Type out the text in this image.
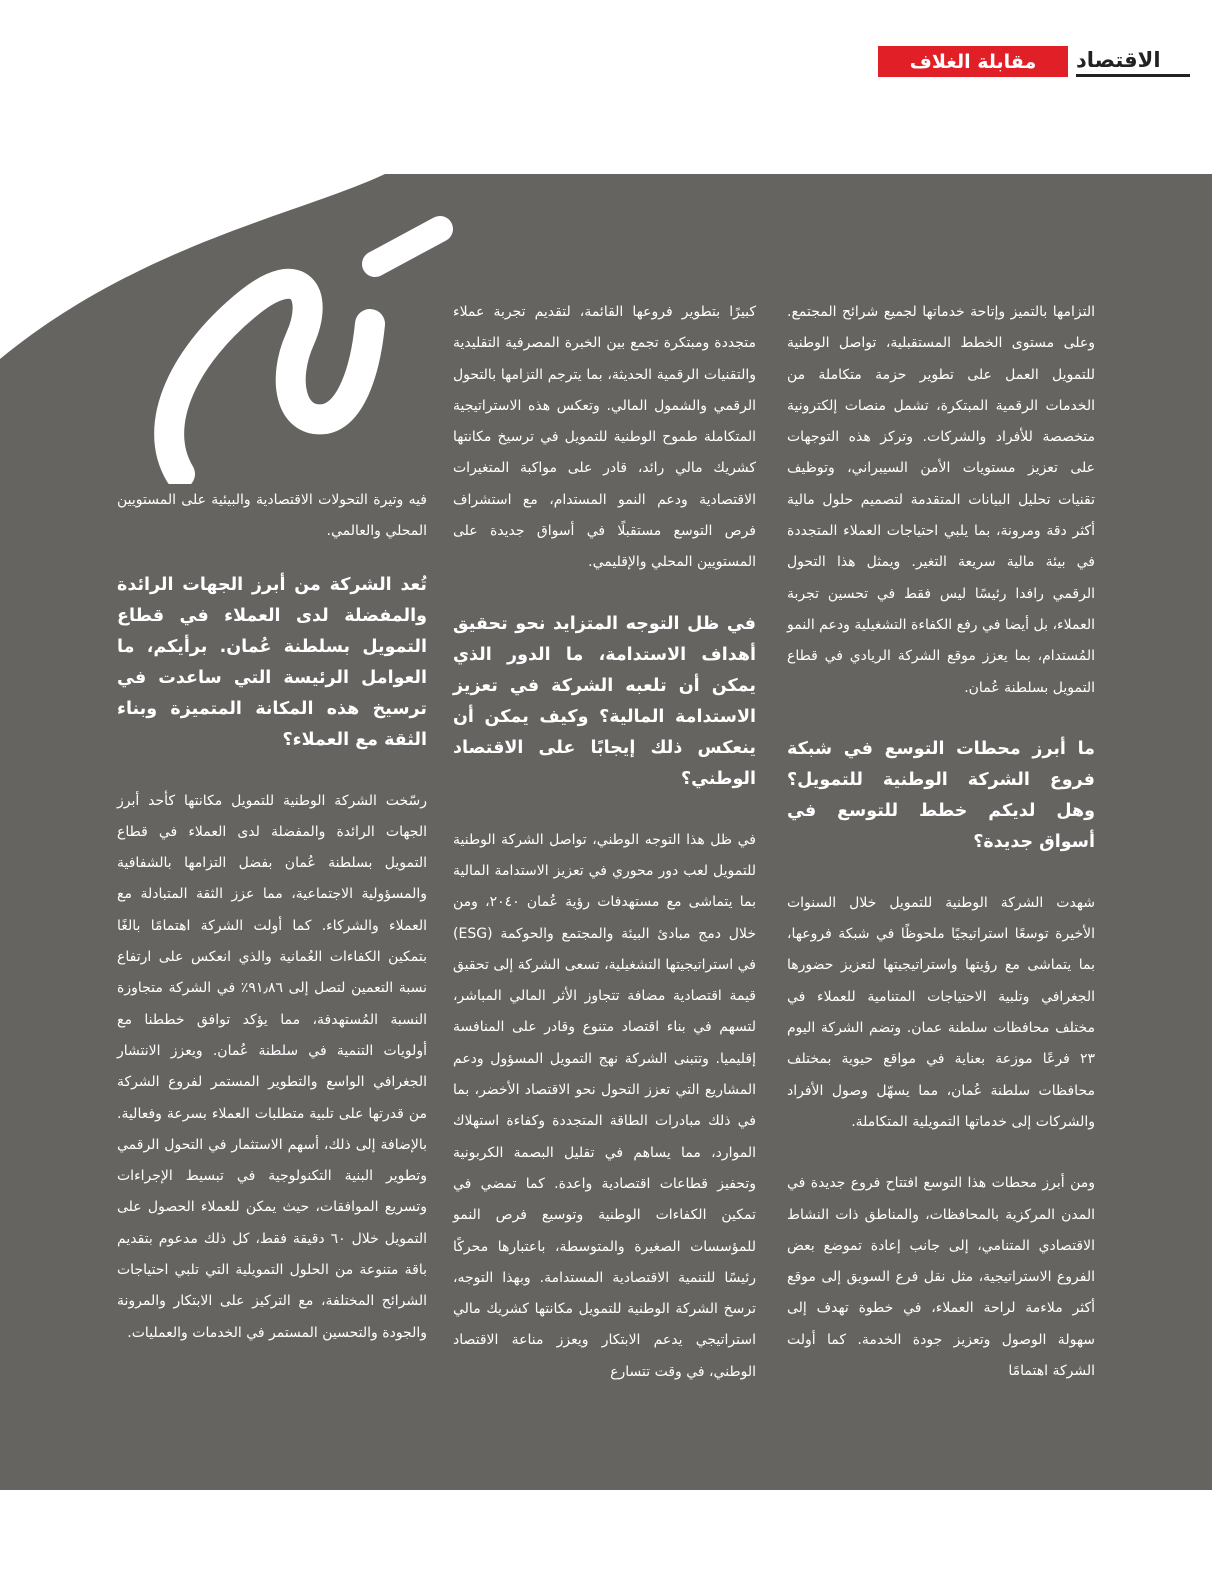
مقابلة الغلاف	الاقتصاد

التزامها بالتميز وإتاحة خدماتها لجميع شرائح المجتمع. وعلى مستوى الخطط المستقبلية، تواصل الوطنية للتمويل العمل على تطوير حزمة متكاملة من الخدمات الرقمية المبتكرة، تشمل منصات إلكترونية متخصصة للأفراد والشركات. وتركز هذه التوجهات على تعزيز مستويات الأمن السيبراني، وتوظيف تقنيات تحليل البيانات المتقدمة لتصميم حلول مالية أكثر دقة ومرونة، بما يلبي احتياجات العملاء المتجددة في بيئة مالية سريعة التغير. ويمثل هذا التحول الرقمي رافدا رئيسًا ليس فقط في تحسين تجربة العملاء، بل أيضا في رفع الكفاءة التشغيلية ودعم النمو المُستدام، بما يعزز موقع الشركة الريادي في قطاع التمويل بسلطنة عُمان.

ما أبرز محطات التوسع في شبكة فروع الشركة الوطنية للتمويل؟ وهل لديكم خطط للتوسع في أسواق جديدة؟

شهدت الشركة الوطنية للتمويل خلال السنوات الأخيرة توسعًا استراتيجيًا ملحوظًا في شبكة فروعها، بما يتماشى مع رؤيتها واستراتيجيتها لتعزيز حضورها الجغرافي وتلبية الاحتياجات المتنامية للعملاء في مختلف محافظات سلطنة عمان. وتضم الشركة اليوم ٢٣ فرعًا موزعة بعناية في مواقع حيوية بمختلف محافظات سلطنة عُمان، مما يسهّل وصول الأفراد والشركات إلى خدماتها التمويلية المتكاملة.

ومن أبرز محطات هذا التوسع افتتاح فروع جديدة في المدن المركزية بالمحافظات، والمناطق ذات النشاط الاقتصادي المتنامي، إلى جانب إعادة تموضع بعض الفروع الاستراتيجية، مثل نقل فرع السويق إلى موقع أكثر ملاءمة لراحة العملاء، في خطوة تهدف إلى سهولة الوصول وتعزيز جودة الخدمة. كما أولت الشركة اهتمامًا

كبيرًا بتطوير فروعها القائمة، لتقديم تجربة عملاء متجددة ومبتكرة تجمع بين الخبرة المصرفية التقليدية والتقنيات الرقمية الحديثة، بما يترجم التزامها بالتحول الرقمي والشمول المالي. وتعكس هذه الاستراتيجية المتكاملة طموح الوطنية للتمويل في ترسيخ مكانتها كشريك مالي رائد، قادر على مواكبة المتغيرات الاقتصادية ودعم النمو المستدام، مع استشراف فرص التوسع مستقبلًا في أسواق جديدة على المستويين المحلي والإقليمي.

في ظل التوجه المتزايد نحو تحقيق أهداف الاستدامة، ما الدور الذي يمكن أن تلعبه الشركة في تعزيز الاستدامة المالية؟ وكيف يمكن أن ينعكس ذلك إيجابًا على الاقتصاد الوطني؟

في ظل هذا التوجه الوطني، تواصل الشركة الوطنية للتمويل لعب دور محوري في تعزيز الاستدامة المالية بما يتماشى مع مستهدفات رؤية عُمان ٢٠٤٠، ومن خلال دمج مبادئ البيئة والمجتمع والحوكمة (ESG) في استراتيجيتها التشغيلية، تسعى الشركة إلى تحقيق قيمة اقتصادية مضافة تتجاوز الأثر المالي المباشر، لتسهم في بناء اقتصاد متنوع وقادر على المنافسة إقليميا. وتتبنى الشركة نهج التمويل المسؤول ودعم المشاريع التي تعزز التحول نحو الاقتصاد الأخضر، بما في ذلك مبادرات الطاقة المتجددة وكفاءة استهلاك الموارد، مما يساهم في تقليل البصمة الكربونية وتحفيز قطاعات اقتصادية واعدة. كما تمضي في تمكين الكفاءات الوطنية وتوسيع فرص النمو للمؤسسات الصغيرة والمتوسطة، باعتبارها محركًا رئيسًا للتنمية الاقتصادية المستدامة. وبهذا التوجه، ترسخ الشركة الوطنية للتمويل مكانتها كشريك مالي استراتيجي يدعم الابتكار ويعزز مناعة الاقتصاد الوطني، في وقت تتسارع

فيه وتيرة التحولات الاقتصادية والبيئية على المستويين المحلي والعالمي.

تُعد الشركة من أبرز الجهات الرائدة والمفضلة لدى العملاء في قطاع التمويل بسلطنة عُمان. برأيكم، ما العوامل الرئيسة التي ساعدت في ترسيخ هذه المكانة المتميزة وبناء الثقة مع العملاء؟

رسّخت الشركة الوطنية للتمويل مكانتها كأحد أبرز الجهات الرائدة والمفضلة لدى العملاء في قطاع التمويل بسلطنة عُمان بفضل التزامها بالشفافية والمسؤولية الاجتماعية، مما عزز الثقة المتبادلة مع العملاء والشركاء. كما أولت الشركة اهتمامًا بالغًا بتمكين الكفاءات العُمانية والذي انعكس على ارتفاع نسبة التعمين لتصل إلى ٩١٫٨٦٪ في الشركة متجاوزة النسبة المُستهدفة، مما يؤكد توافق خططنا مع أولويات التنمية في سلطنة عُمان. ويعزز الانتشار الجغرافي الواسع والتطوير المستمر لفروع الشركة من قدرتها على تلبية متطلبات العملاء بسرعة وفعالية. بالإضافة إلى ذلك، أسهم الاستثمار في التحول الرقمي وتطوير البنية التكنولوجية في تبسيط الإجراءات وتسريع الموافقات، حيث يمكن للعملاء الحصول على التمويل خلال ٦٠ دقيقة فقط، كل ذلك مدعوم بتقديم باقة متنوعة من الحلول التمويلية التي تلبي احتياجات الشرائح المختلفة، مع التركيز على الابتكار والمرونة والجودة والتحسين المستمر في الخدمات والعمليات.
